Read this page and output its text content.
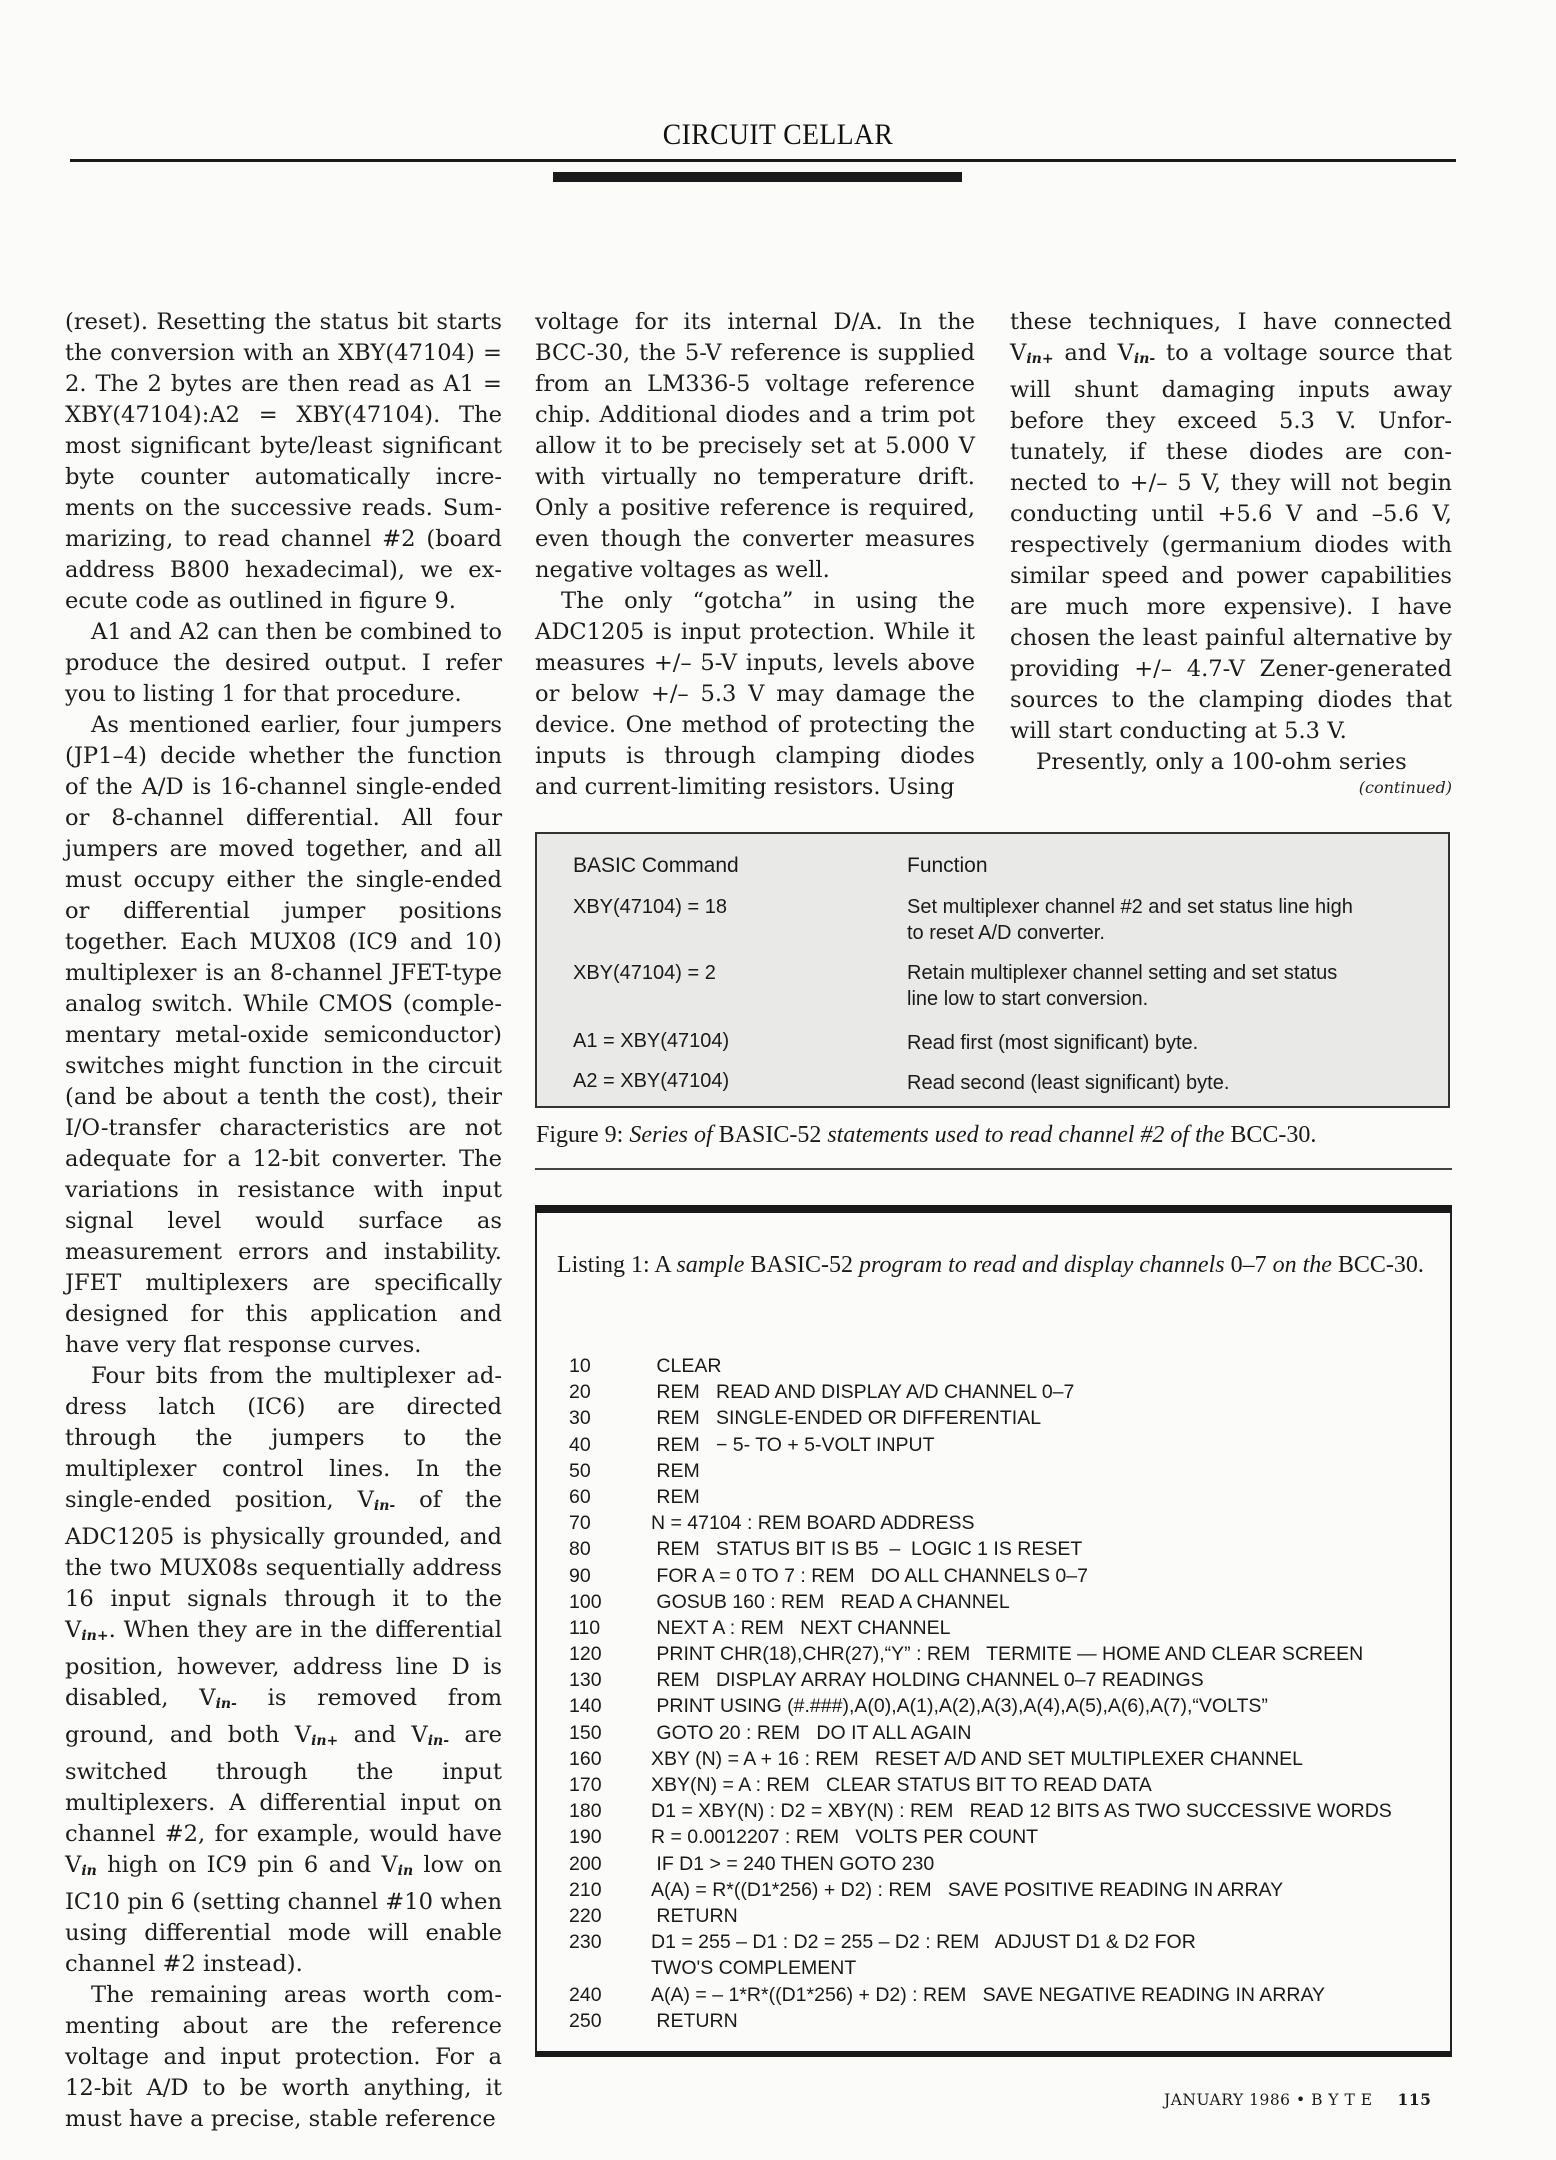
CIRCUIT CELLAR

(reset). Resetting the status bit starts the conversion with an XBY(47104) = 2. The 2 bytes are then read as A1 = XBY(47104):A2 = XBY(47104). The most significant byte/least significant byte counter automatically increments on the successive reads. Summarizing, to read channel #2 (board address B800 hexadecimal), we execute code as outlined in figure 9.

A1 and A2 can then be combined to produce the desired output. I refer you to listing 1 for that procedure.

As mentioned earlier, four jumpers (JP1–4) decide whether the function of the A/D is 16-channel single-ended or 8-channel differential. All four jumpers are moved together, and all must occupy either the single-ended or differential jumper positions together. Each MUX08 (IC9 and 10) multiplexer is an 8-channel JFET-type analog switch. While CMOS (complementary metal-oxide semiconductor) switches might function in the circuit (and be about a tenth the cost), their I/O-transfer characteristics are not adequate for a 12-bit converter. The variations in resistance with input signal level would surface as measurement errors and instability. JFET multiplexers are specifically designed for this application and have very flat response curves.

Four bits from the multiplexer address latch (IC6) are directed through the jumpers to the multiplexer control lines. In the single-ended position, $V_{in-}$ of the ADC1205 is physically grounded, and the two MUX08s sequentially address 16 input signals through it to the $V_{in+}$. When they are in the differential position, however, address line D is disabled, $V_{in-}$ is removed from ground, and both $V_{in+}$ and $V_{in-}$ are switched through the input multiplexers. A differential input on channel #2, for example, would have $V_{in}$ high on IC9 pin 6 and $V_{in}$ low on IC10 pin 6 (setting channel #10 when using differential mode will enable channel #2 instead).

The remaining areas worth commenting about are the reference voltage and input protection. For a 12-bit A/D to be worth anything, it must have a precise, stable reference

voltage for its internal D/A. In the BCC-30, the 5-V reference is supplied from an LM336-5 voltage reference chip. Additional diodes and a trim pot allow it to be precisely set at 5.000 V with virtually no temperature drift. Only a positive reference is required, even though the converter measures negative voltages as well.

The only “gotcha” in using the ADC1205 is input protection. While it measures +/– 5-V inputs, levels above or below +/– 5.3 V may damage the device. One method of protecting the inputs is through clamping diodes and current-limiting resistors. Using

these techniques, I have connected $V_{in+}$ and $V_{in-}$ to a voltage source that will shunt damaging inputs away before they exceed 5.3 V. Unfortunately, if these diodes are connected to +/– 5 V, they will not begin conducting until +5.6 V and –5.6 V, respectively (germanium diodes with similar speed and power capabilities are much more expensive). I have chosen the least painful alternative by providing +/– 4.7-V Zener-generated sources to the clamping diodes that will start conducting at 5.3 V.

Presently, only a 100-ohm series

(continued)
BASIC Command	Function
XBY(47104) = 18	Set multiplexer channel #2 and set status line high to reset A/D converter.
XBY(47104) = 2	Retain multiplexer channel setting and set status line low to start conversion.
A1 = XBY(47104)	Read first (most significant) byte.
A2 = XBY(47104)	Read second (least significant) byte.
Figure 9: Series of BASIC-52 statements used to read channel #2 of the BCC-30.
Listing 1: A sample BASIC-52 program to read and display channels 0–7 on the BCC-30.
10	CLEAR
20	REM   READ AND DISPLAY A/D CHANNEL 0–7
30	REM   SINGLE-ENDED OR DIFFERENTIAL
40	REM   − 5- TO + 5-VOLT INPUT
50	REM
60	REM
70	N = 47104 : REM BOARD ADDRESS
80	REM   STATUS BIT IS B5  –  LOGIC 1 IS RESET
90	FOR A = 0 TO 7 : REM   DO ALL CHANNELS 0–7
100	GOSUB 160 : REM   READ A CHANNEL
110	NEXT A : REM   NEXT CHANNEL
120	PRINT CHR(18),CHR(27),“Y” : REM   TERMITE — HOME AND CLEAR SCREEN
130	REM   DISPLAY ARRAY HOLDING CHANNEL 0–7 READINGS
140	PRINT USING (#.###),A(0),A(1),A(2),A(3),A(4),A(5),A(6),A(7),“VOLTS”
150	GOTO 20 : REM   DO IT ALL AGAIN
160	XBY (N) = A + 16 : REM   RESET A/D AND SET MULTIPLEXER CHANNEL
170	XBY(N) = A : REM   CLEAR STATUS BIT TO READ DATA
180	D1 = XBY(N) : D2 = XBY(N) : REM   READ 12 BITS AS TWO SUCCESSIVE WORDS
190	R = 0.0012207 : REM   VOLTS PER COUNT
200	IF D1 > = 240 THEN GOTO 230
210	A(A) = R*((D1*256) + D2) : REM   SAVE POSITIVE READING IN ARRAY
220	RETURN
230	D1 = 255 – D1 : D2 = 255 – D2 : REM   ADJUST D1 & D2 FOR
TWO'S COMPLEMENT
240	A(A) = – 1*R*((D1*256) + D2) : REM   SAVE NEGATIVE READING IN ARRAY
250	RETURN
JANUARY 1986 • BYTE 115
